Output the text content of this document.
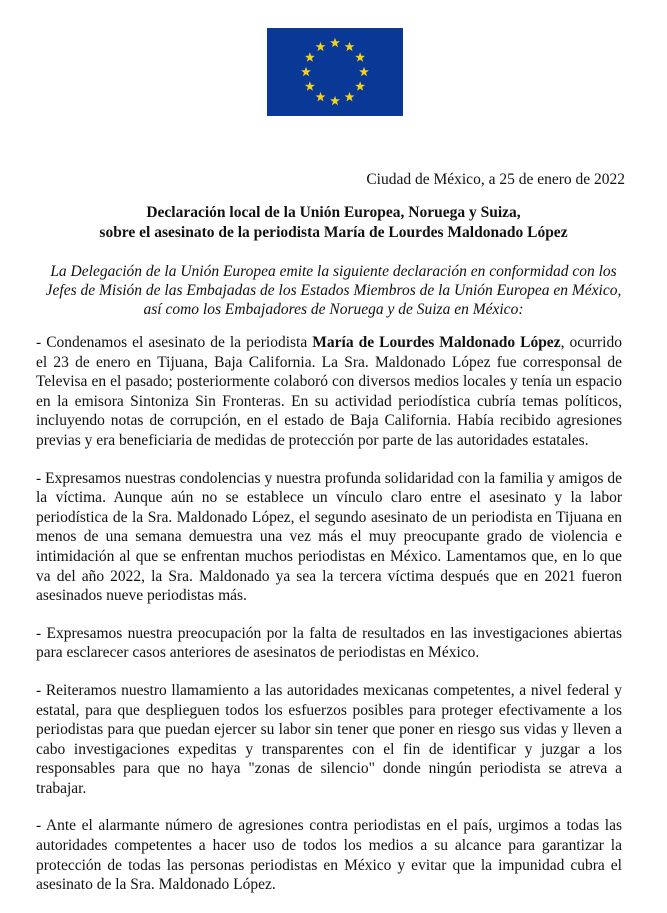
Ciudad de México, a 25 de enero de 2022
Declaración local de la Unión Europea, Noruega y Suiza,
sobre el asesinato de la periodista María de Lourdes Maldonado López
La Delegación de la Unión Europea emite la siguiente declaración en conformidad con los
Jefes de Misión de las Embajadas de los Estados Miembros de la Unión Europea en México,
así como los Embajadores de Noruega y de Suiza en México:

- Condenamos el asesinato de la periodista María de Lourdes Maldonado López, ocurrido el 23 de enero en Tijuana, Baja California. La Sra. Maldonado López fue corresponsal de Televisa en el pasado; posteriormente colaboró con diversos medios locales y tenía un espacio en la emisora Sintoniza Sin Fronteras. En su actividad periodística cubría temas políticos, incluyendo notas de corrupción, en el estado de Baja California. Había recibido agresiones previas y era beneficiaria de medidas de protección por parte de las autoridades estatales.

- Expresamos nuestras condolencias y nuestra profunda solidaridad con la familia y amigos de la víctima. Aunque aún no se establece un vínculo claro entre el asesinato y la labor periodística de la Sra. Maldonado López, el segundo asesinato de un periodista en Tijuana en menos de una semana demuestra una vez más el muy preocupante grado de violencia e intimidación al que se enfrentan muchos periodistas en México. Lamentamos que, en lo que va del año 2022, la Sra. Maldonado ya sea la tercera víctima después que en 2021 fueron asesinados nueve periodistas más.

- Expresamos nuestra preocupación por la falta de resultados en las investigaciones abiertas para esclarecer casos anteriores de asesinatos de periodistas en México.

- Reiteramos nuestro llamamiento a las autoridades mexicanas competentes, a nivel federal y estatal, para que desplieguen todos los esfuerzos posibles para proteger efectivamente a los periodistas para que puedan ejercer su labor sin tener que poner en riesgo sus vidas y lleven a cabo investigaciones expeditas y transparentes con el fin de identificar y juzgar a los responsables para que no haya "zonas de silencio" donde ningún periodista se atreva a trabajar.

- Ante el alarmante número de agresiones contra periodistas en el país, urgimos a todas las autoridades competentes a hacer uso de todos los medios a su alcance para garantizar la protección de todas las personas periodistas en México y evitar que la impunidad cubra el asesinato de la Sra. Maldonado López.
